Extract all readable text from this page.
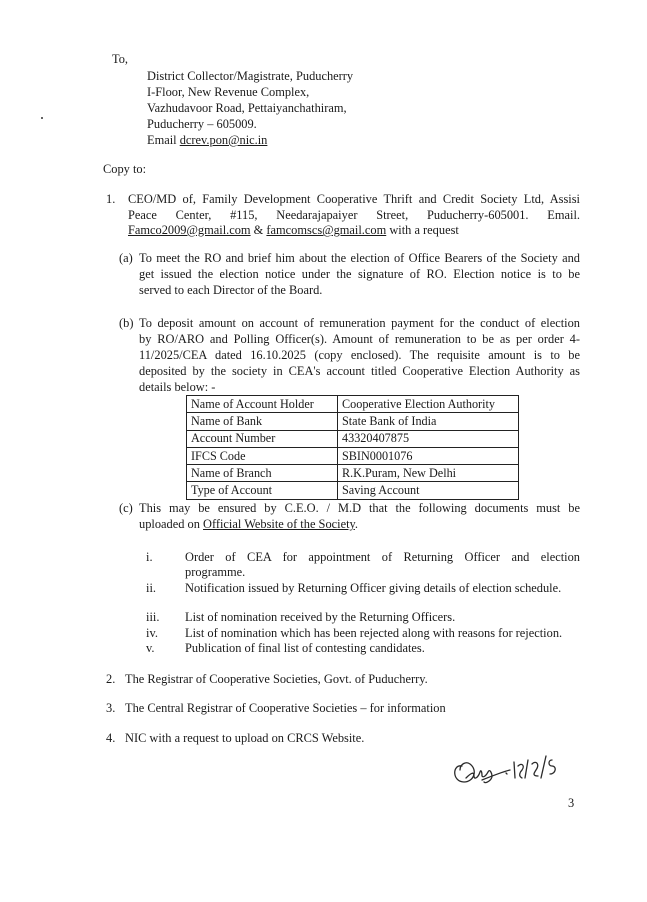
To,
District Collector/Magistrate, Puducherry
I-Floor, New Revenue Complex,
Vazhudavoor Road, Pettaiyanchathiram,
Puducherry – 605009.
Email dcrev.pon@nic.in
Copy to:
1. CEO/MD of, Family Development Cooperative Thrift and Credit Society Ltd, Assisi
Peace Center, #115, Needarajapaiyer Street, Puducherry-605001. Email.
Famco2009@gmail.com & famcomscs@gmail.com with a request
(a) To meet the RO and brief him about the election of Office Bearers of the Society and
get issued the election notice under the signature of RO. Election notice is to be
served to each Director of the Board.
(b) To deposit amount on account of remuneration payment for the conduct of election
by RO/ARO and Polling Officer(s). Amount of remuneration to be as per order 4-
11/2025/CEA dated 16.10.2025 (copy enclosed). The requisite amount is to be
deposited by the society in CEA's account titled Cooperative Election Authority as
details below: -
Name of Account Holder	Cooperative Election Authority
Name of Bank	State Bank of India
Account Number	43320407875
IFCS Code	SBIN0001076
Name of Branch	R.K.Puram, New Delhi
Type of Account	Saving Account
(c) This may be ensured by C.E.O. / M.D that the following documents must be
uploaded on Official Website of the Society.
i.	Order of CEA for appointment of Returning Officer and election
programme.
ii. Notification issued by Returning Officer giving details of election schedule.
iii. List of nomination received by the Returning Officers.
iv. List of nomination which has been rejected along with reasons for rejection.
v. Publication of final list of contesting candidates.
2. The Registrar of Cooperative Societies, Govt. of Puducherry.
3. The Central Registrar of Cooperative Societies – for information
4. NIC with a request to upload on CRCS Website.
3
